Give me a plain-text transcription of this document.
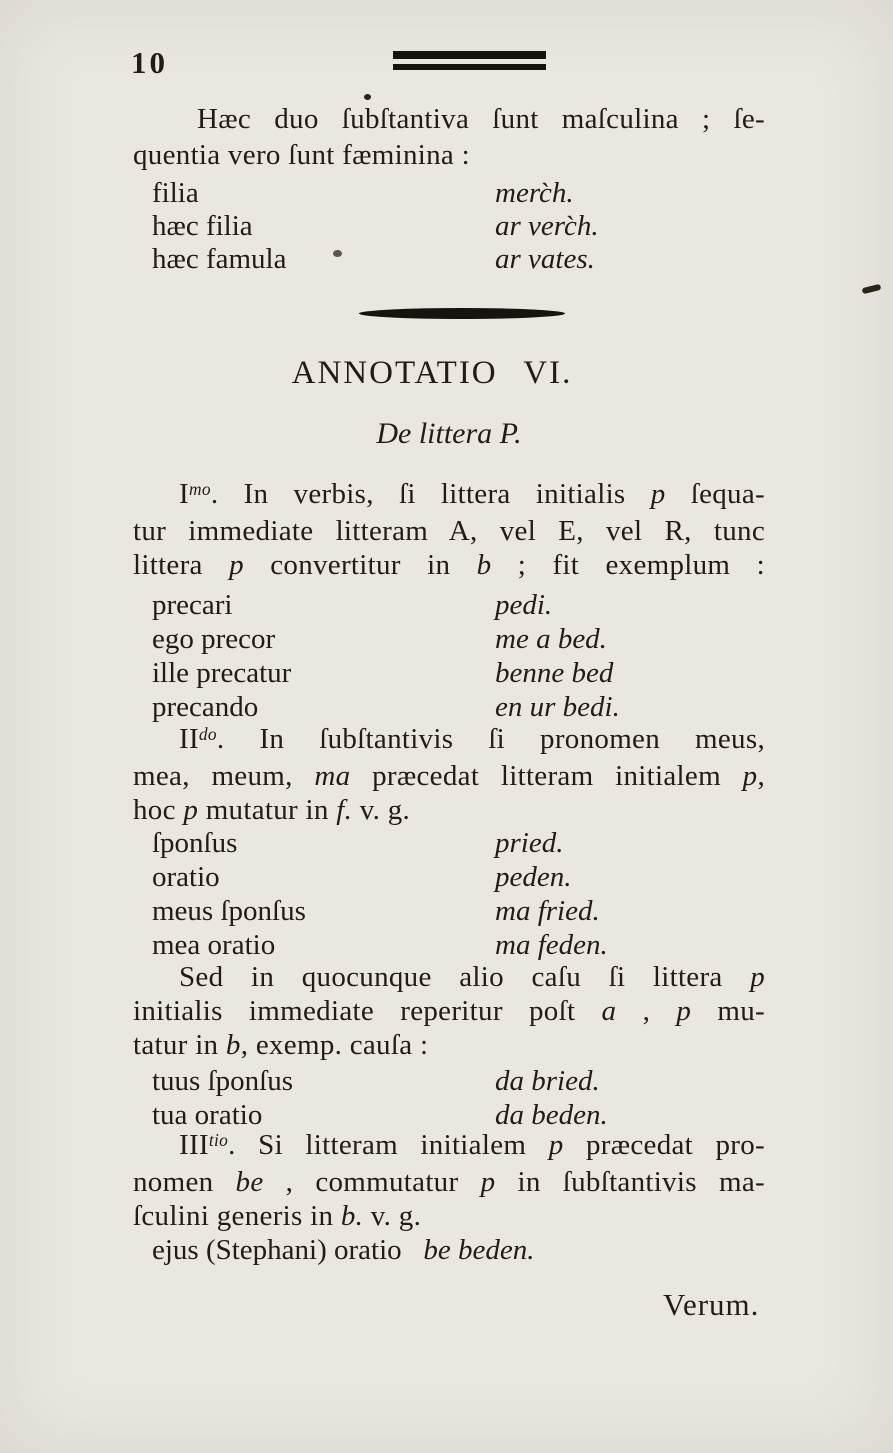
10
Hæc duo ſubſtantiva ſunt maſculina ; ſe-
quentia vero ſunt fæminina :
filia	merc̀h.
hæc filia	ar verc̀h.
hæc famula	ar vates.
ANNOTATIO VI.
De littera P.
$I^{mo}$. In verbis, ſi littera initialis p ſequa-
tur immediate litteram A, vel E, vel R, tunc
littera p convertitur in b ; fit exemplum :
precari	pedi.
ego precor	me a bed.
ille precatur	benne bed
precando	en ur bedi.
$II^{do}$. In ſubſtantivis ſi pronomen meus,
mea, meum, ma præcedat litteram initialem p,
hoc p mutatur in f. v. g.
ſponſus	pried.
oratio	peden.
meus ſponſus	ma fried.
mea oratio	ma feden.
Sed in quocunque alio caſu ſi littera p
initialis immediate reperitur poſt a , p mu-
tatur in b, exemp. cauſa :
tuus ſponſus	da bried.
tua oratio	da beden.
$III^{tio}$. Si litteram initialem p præcedat pro-
nomen be , commutatur p in ſubſtantivis ma-
ſculini generis in b. v. g.
ejus (Stephani) oratio   be beden.
Verum.
